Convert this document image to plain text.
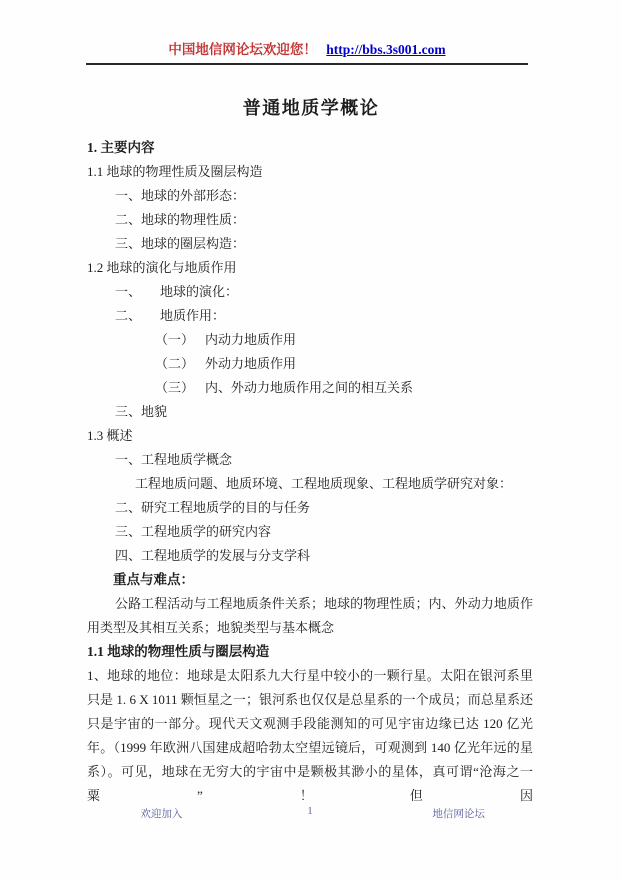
中国地信网论坛欢迎您！ http://bbs.3s001.com
普通地质学概论
1. 主要内容
1.1 地球的物理性质及圈层构造
一、地球的外部形态：
二、地球的物理性质：
三、地球的圈层构造：
1.2 地球的演化与地质作用
一、 地球的演化：
二、 地质作用：
（一） 内动力地质作用
（二） 外动力地质作用
（三） 内、外动力地质作用之间的相互关系
三、地貌
1.3 概述
一、工程地质学概念
工程地质问题、地质环境、工程地质现象、工程地质学研究对象：
二、研究工程地质学的目的与任务
三、工程地质学的研究内容
四、工程地质学的发展与分支学科
重点与难点：

公路工程活动与工程地质条件关系；地球的物理性质；内、外动力地质作用类型及其相互关系；地貌类型与基本概念

1.1 地球的物理性质与圈层构造

1、地球的地位：地球是太阳系九大行星中较小的一颗行星。太阳在银河系里只是 1. 6 X 1011 颗恒星之一；银河系也仅仅是总星系的一个成员；而总星系还只是宇宙的一部分。现代天文观测手段能测知的可见宇宙边缘已达 120 亿光年。（1999 年欧洲八国建成超哈勃太空望远镜后，可观测到 140 亿光年远的星系）。可见，地球在无穷大的宇宙中是颗极其渺小的星体，真可谓“沧海之一粟”！但因

欢迎加入	1	地信网论坛
